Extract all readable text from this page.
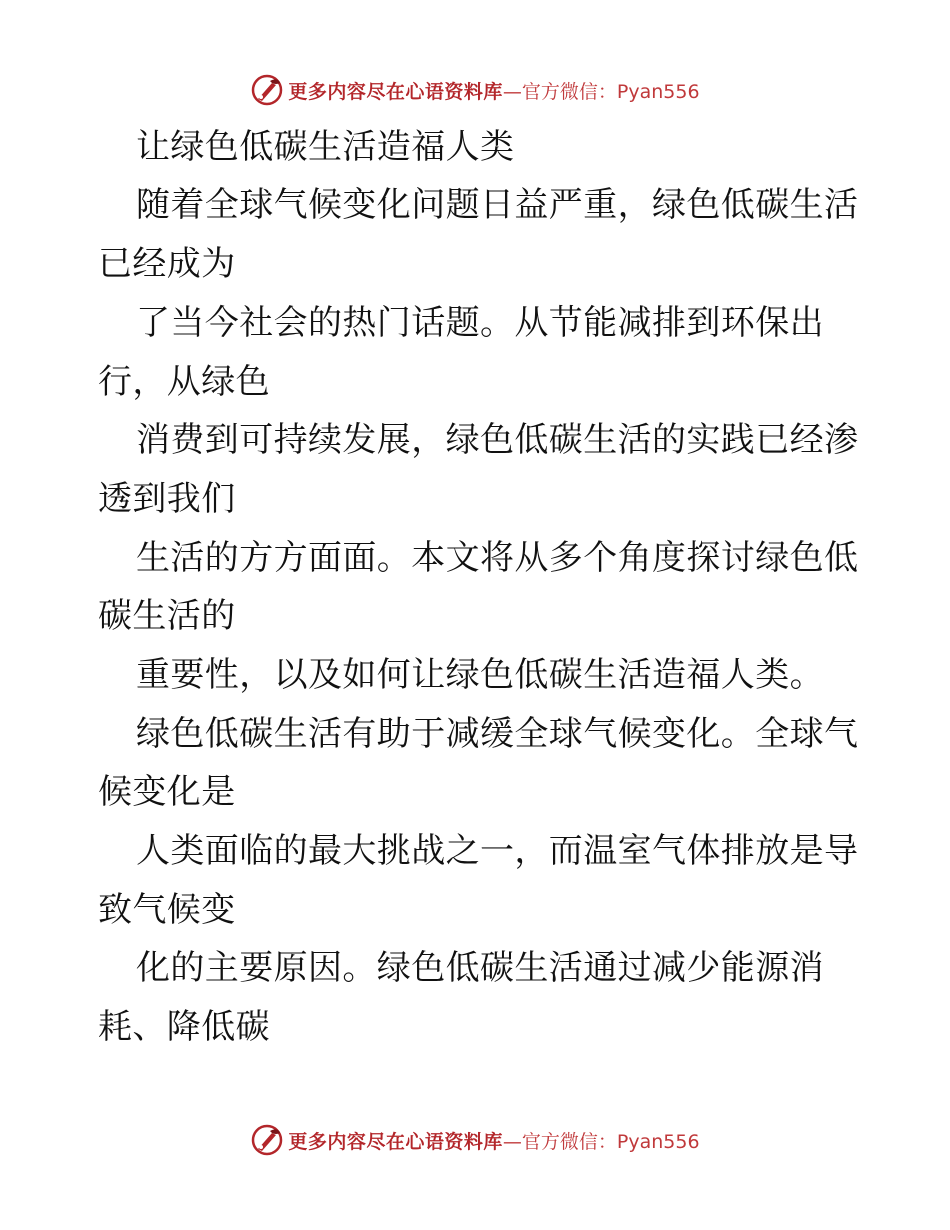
更多内容尽在心语资料库 —官方微信：Pyan556
让绿色低碳生活造福人类
随着全球气候变化问题日益严重，绿色低碳生活
已经成为
了当今社会的热门话题。从节能减排到环保出
行，从绿色
消费到可持续发展，绿色低碳生活的实践已经渗
透到我们
生活的方方面面。本文将从多个角度探讨绿色低
碳生活的
重要性，以及如何让绿色低碳生活造福人类。
绿色低碳生活有助于减缓全球气候变化。全球气
候变化是
人类面临的最大挑战之一，而温室气体排放是导
致气候变
化的主要原因。绿色低碳生活通过减少能源消
耗、降低碳
更多内容尽在心语资料库 —官方微信：Pyan556
